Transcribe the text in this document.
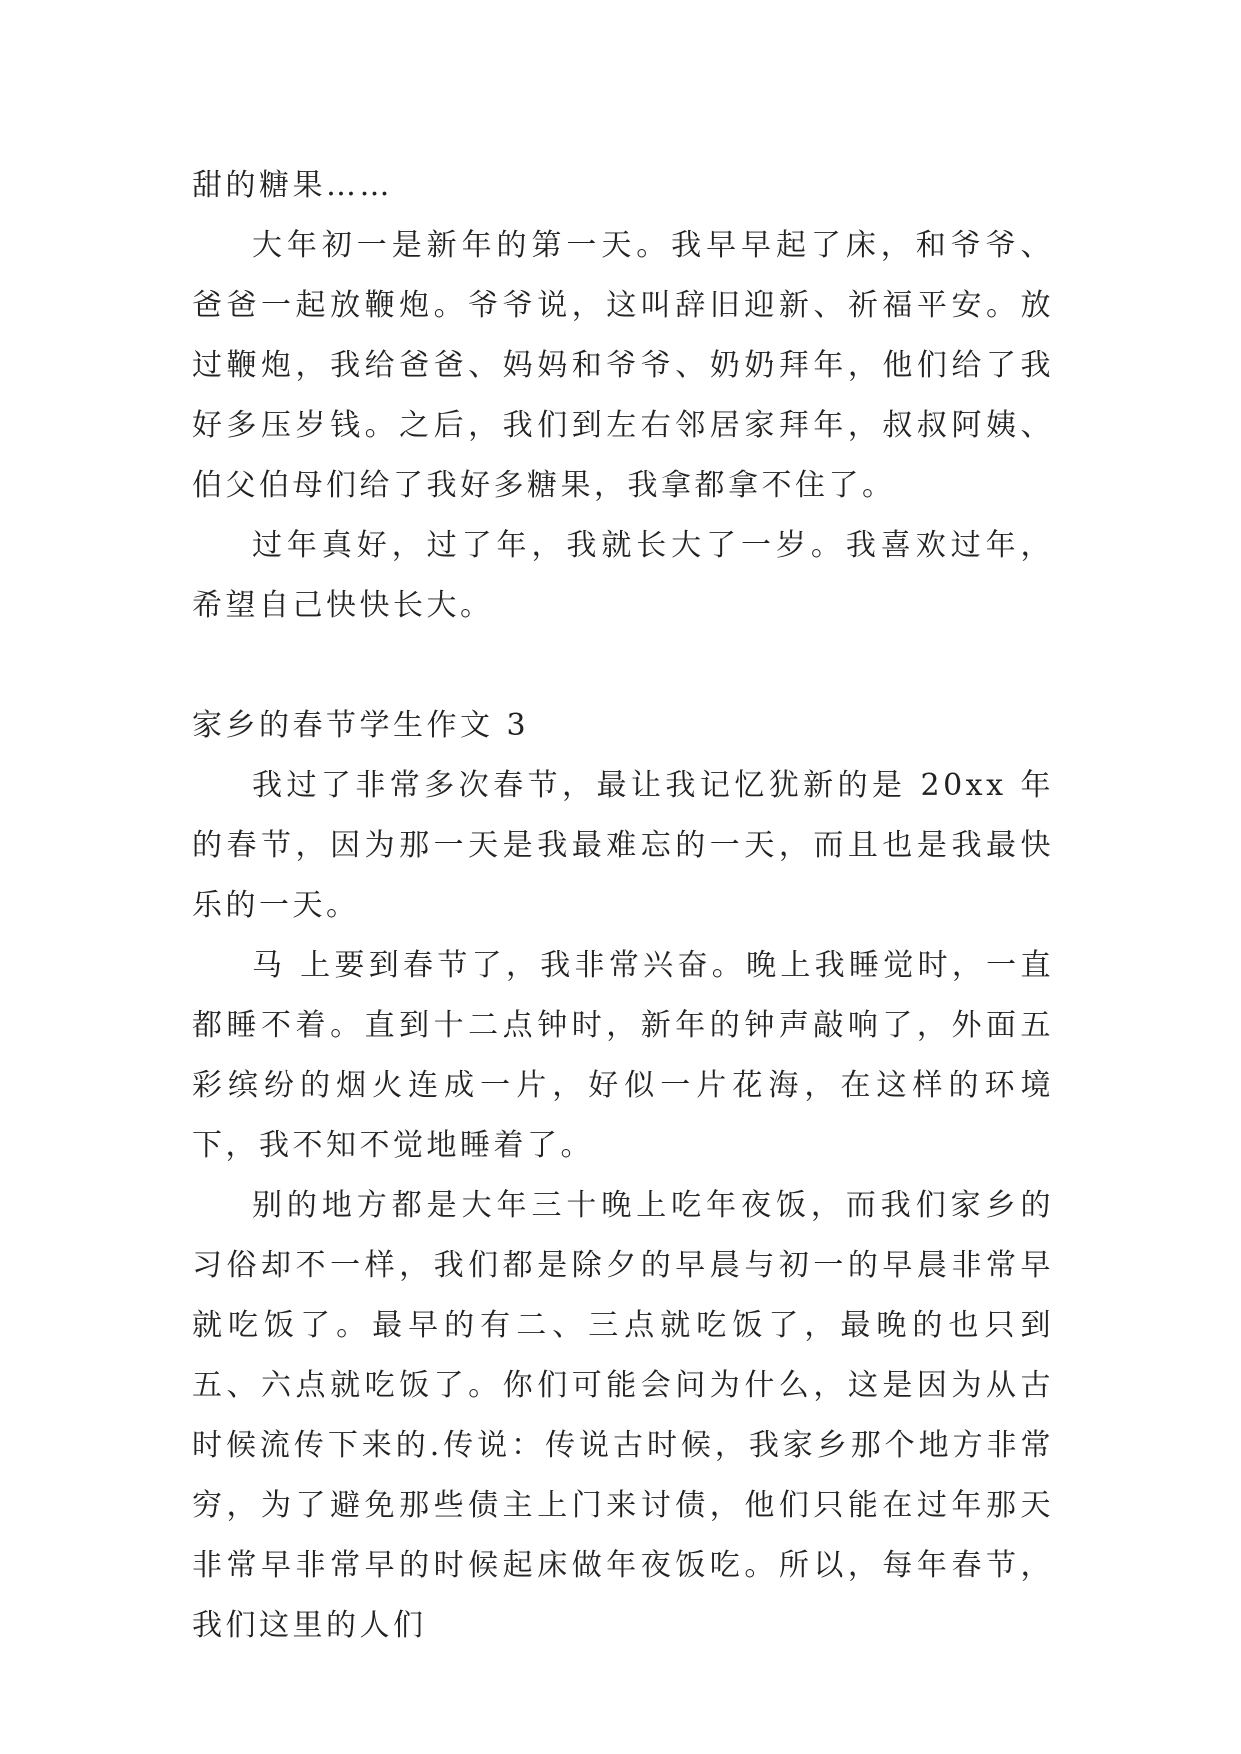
甜的糖果……

大年初一是新年的第一天。我早早起了床，和爷爷、爸爸一起放鞭炮。爷爷说，这叫辞旧迎新、祈福平安。放过鞭炮，我给爸爸、妈妈和爷爷、奶奶拜年，他们给了我好多压岁钱。之后，我们到左右邻居家拜年，叔叔阿姨、伯父伯母们给了我好多糖果，我拿都拿不住了。

过年真好，过了年，我就长大了一岁。我喜欢过年，希望自己快快长大。

家乡的春节学生作文 3

我过了非常多次春节，最让我记忆犹新的是 20xx 年的春节，因为那一天是我最难忘的一天，而且也是我最快乐的一天。

马 上要到春节了，我非常兴奋。晚上我睡觉时，一直都睡不着。直到十二点钟时，新年的钟声敲响了，外面五彩缤纷的烟火连成一片，好似一片花海，在这样的环境下，我不知不觉地睡着了。

别的地方都是大年三十晚上吃年夜饭，而我们家乡的习俗却不一样，我们都是除夕的早晨与初一的早晨非常早就吃饭了。最早的有二、三点就吃饭了，最晚的也只到五、六点就吃饭了。你们可能会问为什么，这是因为从古时候流传下来的.传说：传说古时候，我家乡那个地方非常穷，为了避免那些债主上门来讨债，他们只能在过年那天非常早非常早的时候起床做年夜饭吃。所以，每年春节，我们这里的人们
